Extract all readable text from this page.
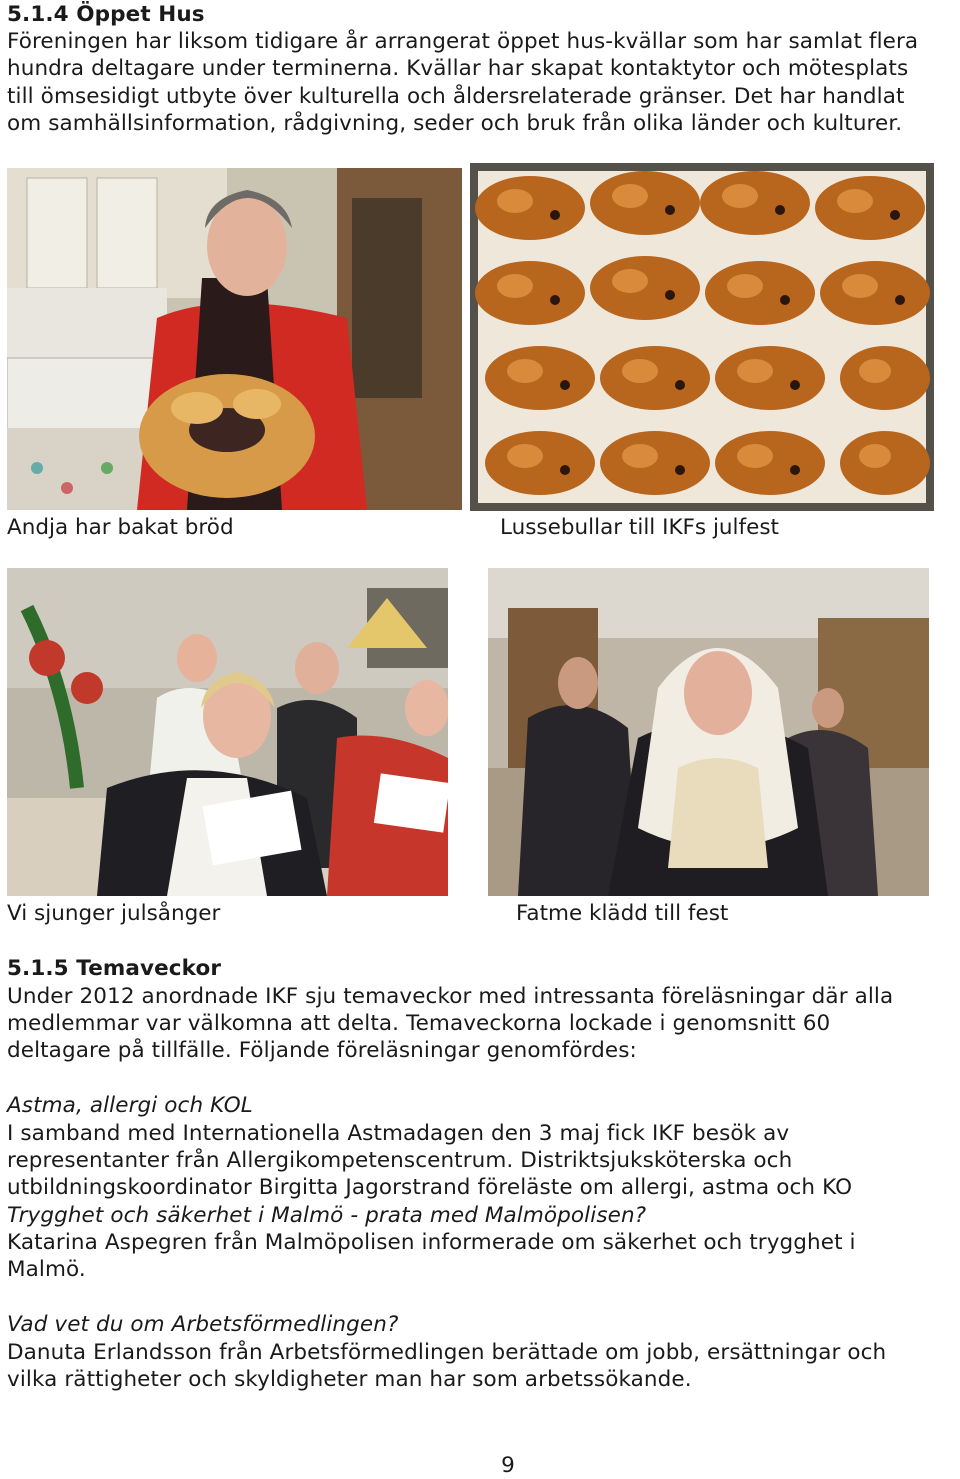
5.1.4 Öppet Hus
Föreningen har liksom tidigare år arrangerat öppet hus-kvällar som har samlat flera
hundra deltagare under terminerna. Kvällar har skapat kontaktytor och mötesplats
till ömsesidigt utbyte över kulturella och åldersrelaterade gränser. Det har handlat
om samhällsinformation, rådgivning, seder och bruk från olika länder och kulturer.
Andja har bakat bröd	Lussebullar till IKFs julfest
Vi sjunger julsånger	Fatme klädd till fest
5.1.5 Temaveckor
Under 2012 anordnade IKF sju temaveckor med intressanta föreläsningar där alla
medlemmar var välkomna att delta. Temaveckorna lockade i genomsnitt 60
deltagare på tillfälle. Följande föreläsningar genomfördes:
Astma, allergi och KOL
I samband med Internationella Astmadagen den 3 maj fick IKF besök av
representanter från Allergikompetenscentrum. Distriktsjuksköterska och
utbildningskoordinator Birgitta Jagorstrand föreläste om allergi, astma och KO
Trygghet och säkerhet i Malmö - prata med Malmöpolisen?
Katarina Aspegren från Malmöpolisen informerade om säkerhet och trygghet i
Malmö.
Vad vet du om Arbetsförmedlingen?
Danuta Erlandsson från Arbetsförmedlingen berättade om jobb, ersättningar och
vilka rättigheter och skyldigheter man har som arbetssökande.
9
